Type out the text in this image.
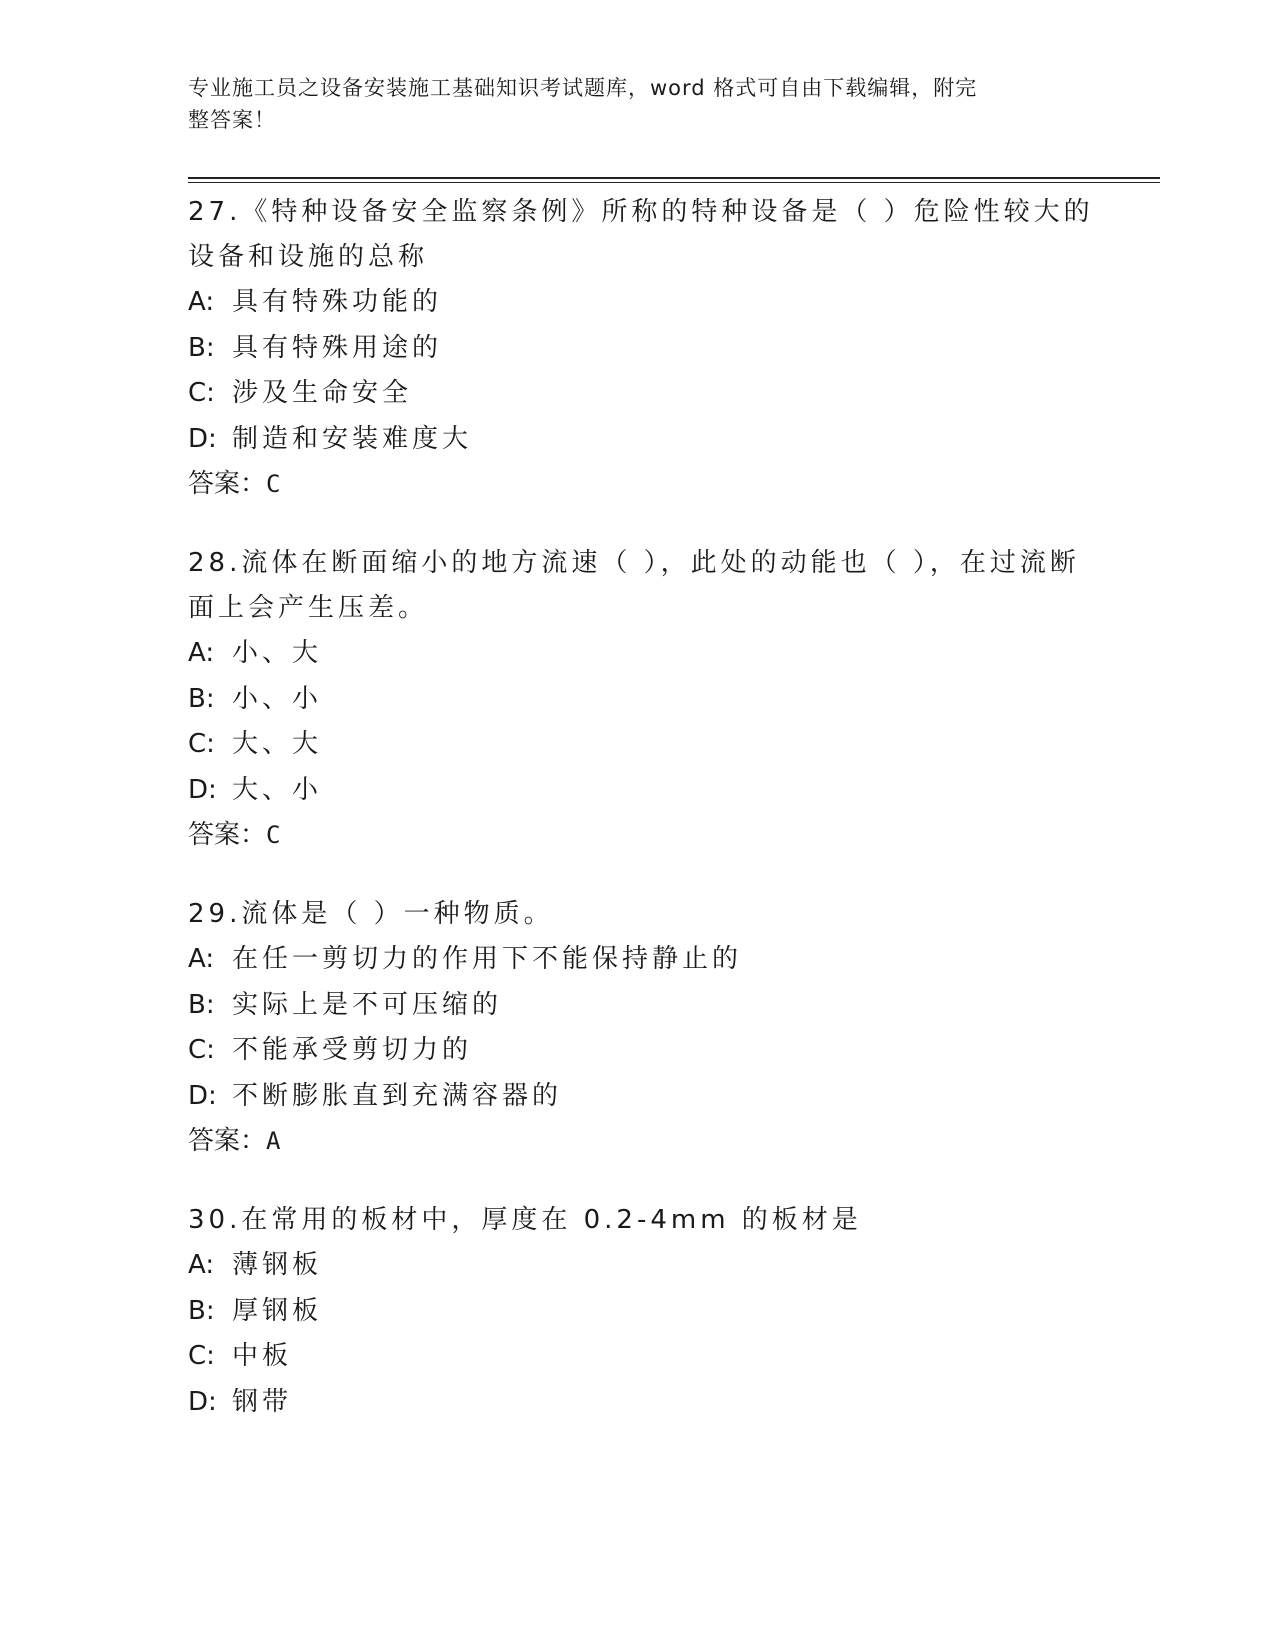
专业施工员之设备安装施工基础知识考试题库，word 格式可自由下载编辑，附完
整答案！
27.《特种设备安全监察条例》所称的特种设备是（ ）危险性较大的
设备和设施的总称
A: 具有特殊功能的
B: 具有特殊用途的
C: 涉及生命安全
D: 制造和安装难度大
答案：C
28.流体在断面缩小的地方流速（ ），此处的动能也（ ），在过流断
面上会产生压差。
A: 小、大
B: 小、小
C: 大、大
D: 大、小
答案：C
29.流体是（ ）一种物质。
A: 在任一剪切力的作用下不能保持静止的
B: 实际上是不可压缩的
C: 不能承受剪切力的
D: 不断膨胀直到充满容器的
答案：A
30.在常用的板材中，厚度在 0.2-4mm 的板材是
A: 薄钢板
B: 厚钢板
C: 中板
D: 钢带
